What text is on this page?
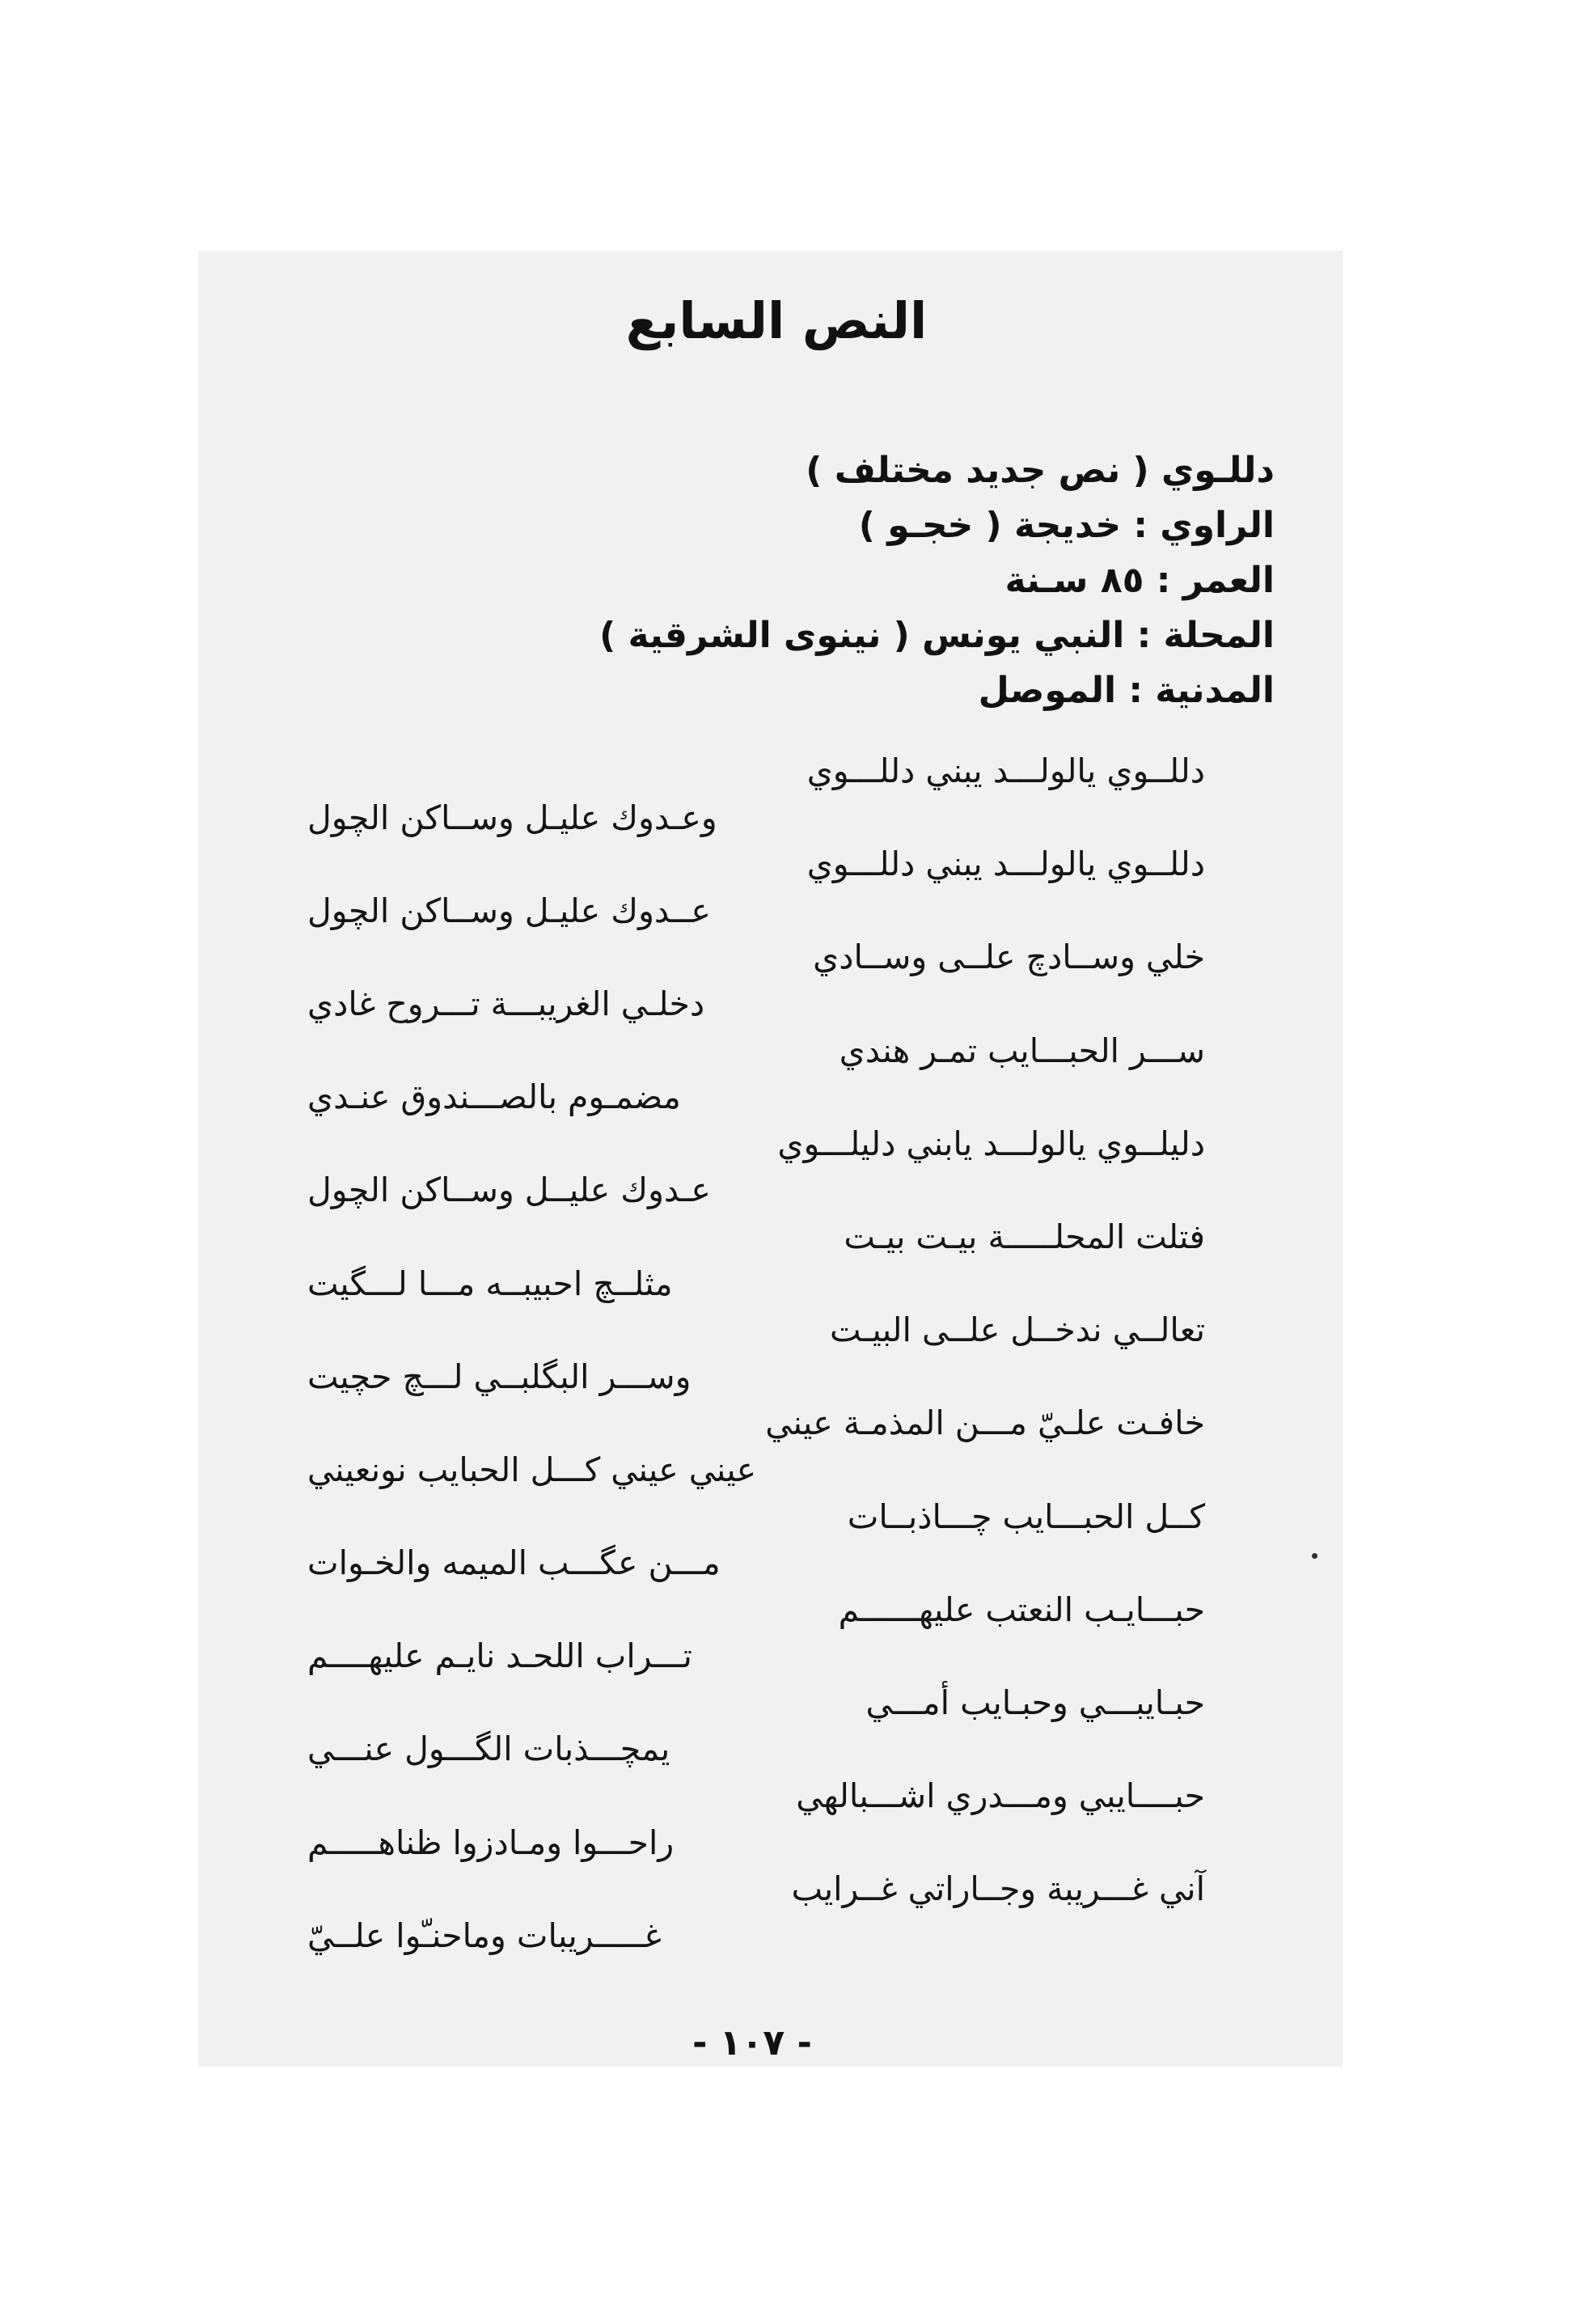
النص السابع
دللـوي ( نص جديد مختلف )
الراوي : خديجة ( خجـو )
العمر : ٨٥ سـنة
المحلة : النبي يونس ( نينوى الشرقية )
المدنية : الموصل
دللــوي يالولـــد يبني دللـــوي
وعـدوك عليـل وســاكن الچول
دللــوي يالولـــد يبني دللـــوي
عــدوك عليـل وســاكن الچول
خلي وســادچ علــى وســادي
دخلـي الغريبـــة تـــروح غادي
ســـر الحبـــايب تمـر هندي
مضمـوم بالصـــندوق عنـدي
دليلــوي يالولـــد يابني دليلـــوي
عـدوك عليــل وســاكن الچول
فتلت المحلـــــة بيـت بيـت
مثلــچ احبيبــه مـــا لـــگيت
تعالــي ندخــل علــى البيـت
وســـر البگلبــي لـــچ حچيت
خافـت علـيّ مـــن المذمـة عيني
عيني عيني كـــل الحبايب نونعيني
كــل الحبـــايب چـــاذبــات
مـــن عگـــب الميمه والخـوات
حبـــايـب النعتب عليهــــــم
تـــراب اللحـد نايـم عليهــــم
حبـايبـــي وحبـايب أمـــي
يمچـــذبات الگـــول عنـــي
حبــــايبي ومـــدري اشـــبالهي
راحـــوا ومـادزوا ظناهـــــم
آني غـــريبة وجــاراتي غــرايب
غـــــريبات وماحنـّوا علــيّ
- ١٠٧ -
